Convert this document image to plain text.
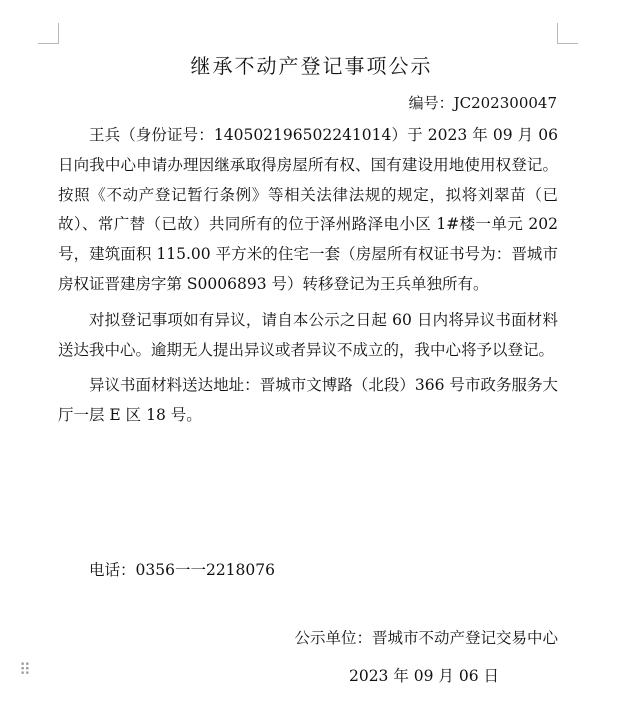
继承不动产登记事项公示
编号：JC202300047

王兵（身份证号：140502196502241014）于 2023 年 09 月 06 日向我中心申请办理因继承取得房屋所有权、国有建设用地使用权登记。按照《不动产登记暂行条例》等相关法律法规的规定，拟将刘翠苗（已故）、常广替（已故）共同所有的位于泽州路泽电小区 1#楼一单元 202 号，建筑面积 115.00 平方米的住宅一套（房屋所有权证书号为：晋城市房权证晋建房字第 S0006893 号）转移登记为王兵单独所有。

对拟登记事项如有异议，请自本公示之日起 60 日内将异议书面材料送达我中心。逾期无人提出异议或者异议不成立的，我中心将予以登记。

异议书面材料送达地址：晋城市文博路（北段）366 号市政务服务大厅一层 E 区 18 号。

电话：0356一一2218076
公示单位：晋城市不动产登记交易中心
2023 年 09 月 06 日
⠿
